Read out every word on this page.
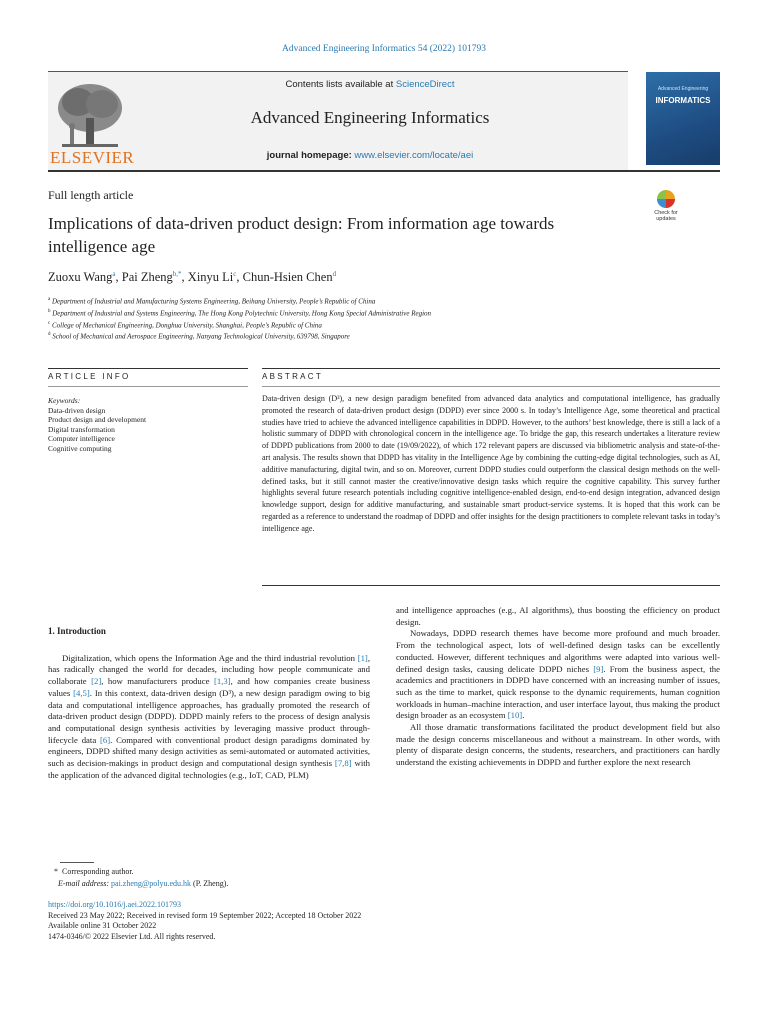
Advanced Engineering Informatics 54 (2022) 101793
ELSEVIER
Contents lists available at ScienceDirect
Advanced Engineering Informatics
journal homepage: www.elsevier.com/locate/aei
Advanced Engineering
INFORMATICS
Full length article
Implications of data-driven product design: From information age towards intelligence age
Check for
updates
Zuoxu Wang$^a$, Pai Zheng$^{b,*}$, Xinyu Li$^c$, Chun-Hsien Chen$^d$
$^a$ Department of Industrial and Manufacturing Systems Engineering, Beihang University, People’s Republic of China
$^b$ Department of Industrial and Systems Engineering, The Hong Kong Polytechnic University, Hong Kong Special Administrative Region
$^c$ College of Mechanical Engineering, Donghua University, Shanghai, People’s Republic of China
$^d$ School of Mechanical and Aerospace Engineering, Nanyang Technological University, 639798, Singapore
ARTICLE INFO	ABSTRACT
Keywords:
Data-driven design
Product design and development
Digital transformation
Computer intelligence
Cognitive computing
Data-driven design (D³), a new design paradigm benefited from advanced data analytics and computational intelligence, has gradually promoted the research of data-driven product design (DDPD) ever since 2000 s. In today’s Intelligence Age, some theoretical and practical studies have tried to achieve the advanced intelligence capabilities in DDPD. However, to the authors’ best knowledge, there is still a lack of a holistic summary of DDPD with chronological concern in the intelligence age. To bridge the gap, this research undertakes a literature review of DDPD publications from 2000 to date (19/09/2022), of which 172 relevant papers are discussed via bibliometric analysis and state-of-the-art analysis. The results shown that DDPD has vitality in the Intelligence Age by combining the cutting-edge digital technologies, such as AI, additive manufacturing, digital twin, and so on. Moreover, current DDPD studies could outperform the classical design methods on the well-defined tasks, but it still cannot master the creative/innovative design tasks which require the cognitive capability. This survey further highlights several future research potentials including cognitive intelligence-enabled design, end-to-end design integration, advanced design knowledge support, design for additive manufacturing, and sustainable smart product-service systems. It is hoped that this work can be regarded as a reference to understand the roadmap of DDPD and offer insights for the design practitioners to complete relevant tasks in today’s intelligence age.
1. Introduction

Digitalization, which opens the Information Age and the third industrial revolution [1], has radically changed the world for decades, including how people communicate and collaborate [2], how manufacturers produce [1,3], and how companies create business values [4,5]. In this context, data-driven design (D³), a new design paradigm owing to big data and computational intelligence approaches, has gradually promoted the research of data-driven product design (DDPD). DDPD mainly refers to the process of design analysis and computational design synthesis activities by leveraging massive product through-lifecycle data [6]. Compared with conventional product design paradigms dominated by engineers, DDPD shifted many design activities as semi-automated or automated activities, such as decision-makings in product design and computational design synthesis [7,8] with the application of the advanced digital technologies (e.g., IoT, CAD, PLM)

and intelligence approaches (e.g., AI algorithms), thus boosting the efficiency on product design.

Nowadays, DDPD research themes have become more profound and much broader. From the technological aspect, lots of well-defined design tasks can be excellently conducted. However, different techniques and algorithms were adapted into various well-defined design tasks, causing delicate DDPD niches [9]. From the business aspect, the academics and practitioners in DDPD have concerned with an increasing number of issues, such as the time to market, quick response to the dynamic requirements, human cognition workloads in human–machine interaction, and user interface layout, thus making the product design broader as an ecosystem [10].

All those dramatic transformations facilitated the product development field but also made the design concerns miscellaneous and without a mainstream. In other words, with plenty of disparate design concerns, the students, researchers, and practitioners can hardly understand the existing achievements in DDPD and further explore the next research

*  Corresponding author.
E-mail address: pai.zheng@polyu.edu.hk (P. Zheng).
https://doi.org/10.1016/j.aei.2022.101793
Received 23 May 2022; Received in revised form 19 September 2022; Accepted 18 October 2022
Available online 31 October 2022
1474-0346/© 2022 Elsevier Ltd. All rights reserved.
